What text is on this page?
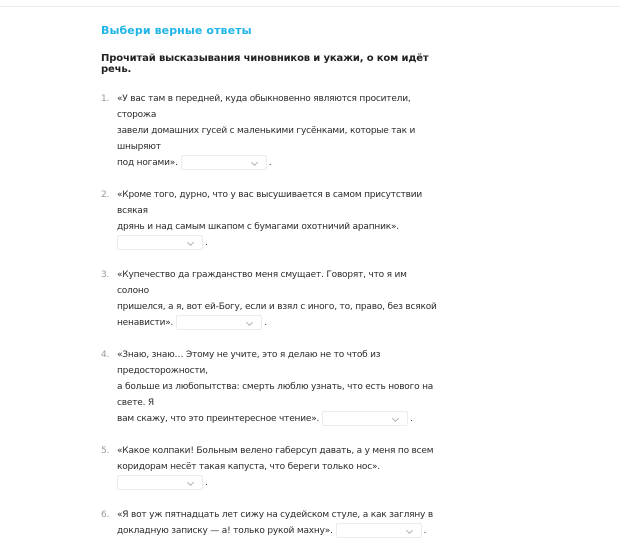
Выбери верные ответы
Прочитай высказывания чиновников и укажи, о ком идёт речь.
1. «У вас там в передней, куда обыкновенно являются просители, сторожа
завели домашних гусей с маленькими гусёнками, которые так и шныряют
под ногами».	.
2. «Кроме того, дурно, что у вас высушивается в самом присутствии всякая
дрянь и над самым шкапом с бумагами охотничий арапник».

.
3. «Купечество да гражданство меня смущает. Говорят, что я им солоно
пришелся, а я, вот ей-Богу, если и взял с иного, то, право, без всякой
ненависти».	.
4. «Знаю, знаю… Этому не учите, это я делаю не то чтоб из предосторожности,
а больше из любопытства: смерть люблю узнать, что есть нового на свете. Я
вам скажу, что это преинтересное чтение».	.
5. «Какое колпаки! Больным велено габерсуп давать, а у меня по всем
коридорам несёт такая капуста, что береги только нос».

.
6. «Я вот уж пятнадцать лет сижу на судейском стуле, а как загляну в
докладную записку — а! только рукой махну».	.
